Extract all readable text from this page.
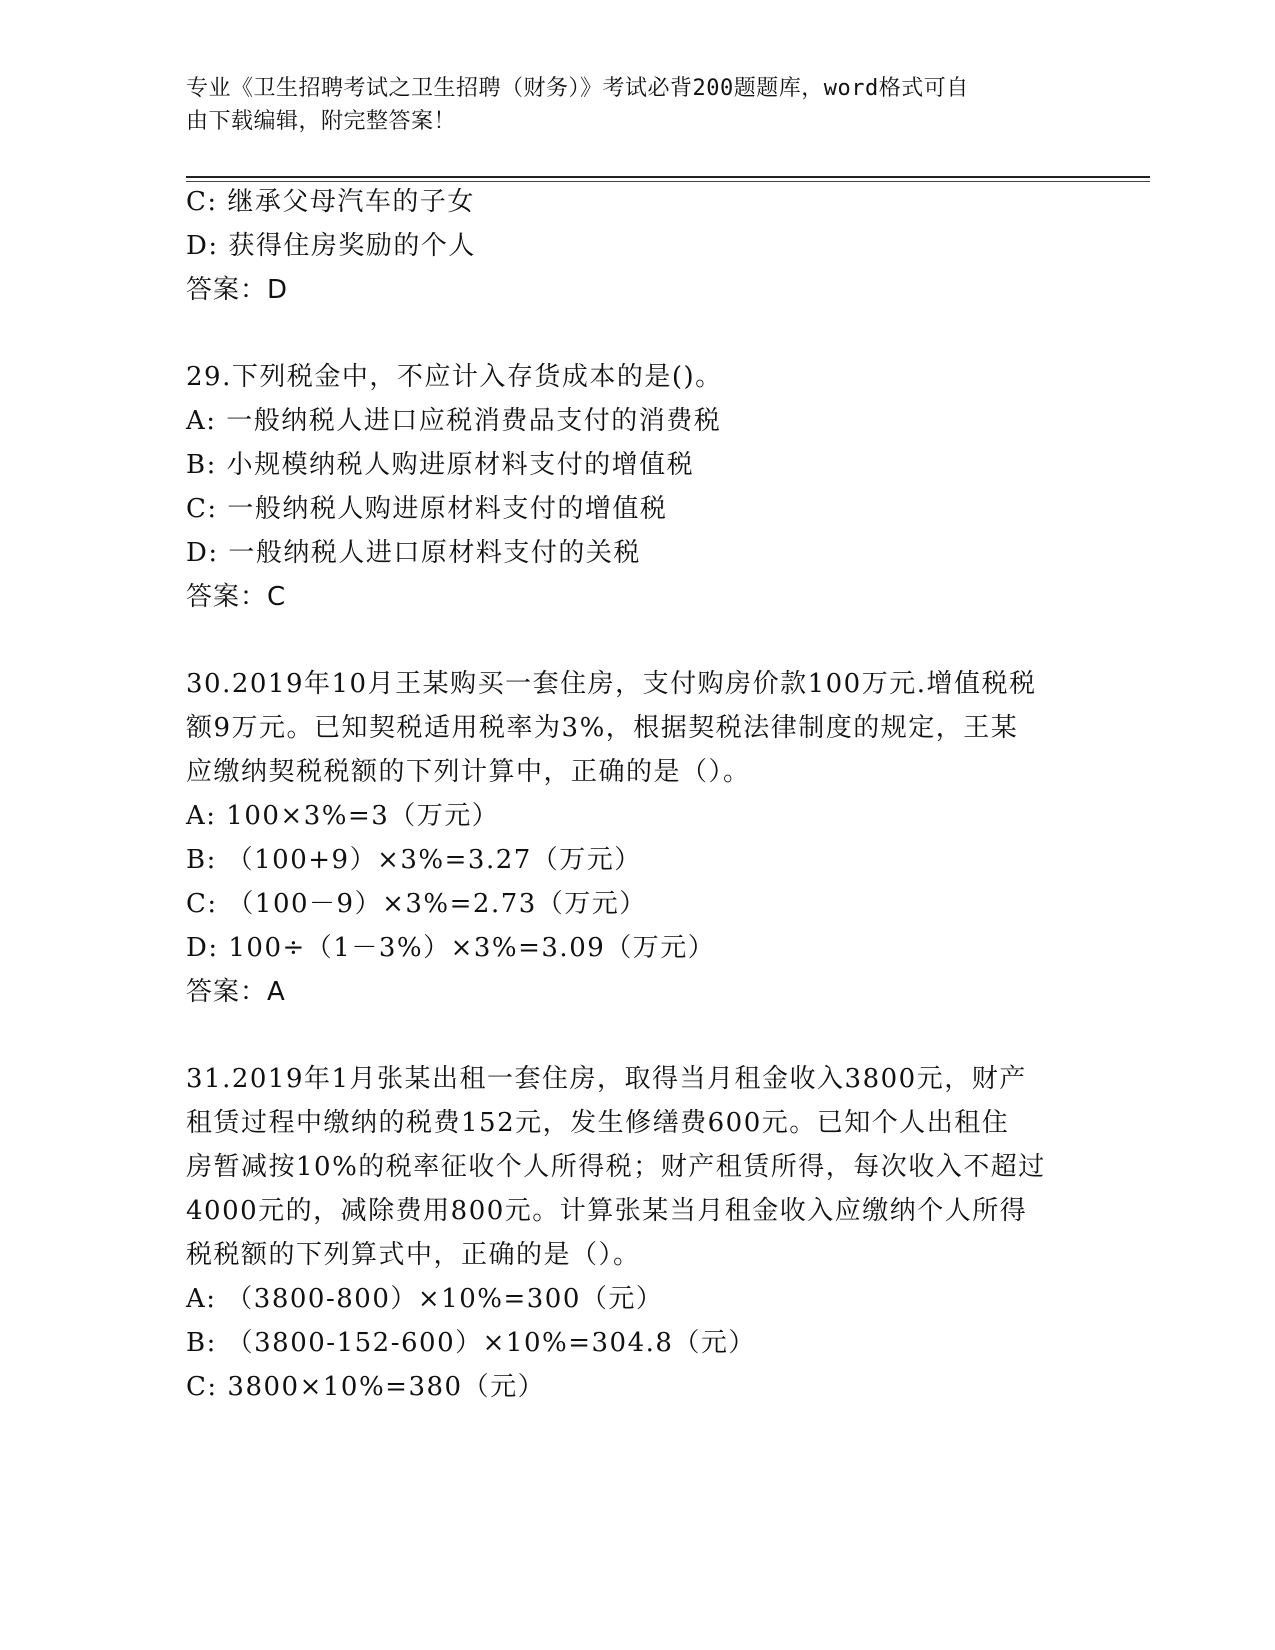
专业《卫生招聘考试之卫生招聘（财务）》考试必背200题题库，word格式可自
由下载编辑，附完整答案！
C: 继承父母汽车的子女
D: 获得住房奖励的个人
答案：D
29.下列税金中，不应计入存货成本的是()。
A: 一般纳税人进口应税消费品支付的消费税
B: 小规模纳税人购进原材料支付的增值税
C: 一般纳税人购进原材料支付的增值税
D: 一般纳税人进口原材料支付的关税
答案：C
30.2019年10月王某购买一套住房，支付购房价款100万元.增值税税
额9万元。已知契税适用税率为3%，根据契税法律制度的规定，王某
应缴纳契税税额的下列计算中，正确的是（）。
A: 100×3%=3（万元）
B: （100+9）×3%=3.27（万元）
C: （100－9）×3%=2.73（万元）
D: 100÷（1－3%）×3%=3.09（万元）
答案：A
31.2019年1月张某出租一套住房，取得当月租金收入3800元，财产
租赁过程中缴纳的税费152元，发生修缮费600元。已知个人出租住
房暂减按10%的税率征收个人所得税；财产租赁所得，每次收入不超过
4000元的，减除费用800元。计算张某当月租金收入应缴纳个人所得
税税额的下列算式中，正确的是（）。
A: （3800-800）×10%=300（元）
B: （3800-152-600）×10%=304.8（元）
C: 3800×10%=380（元）
